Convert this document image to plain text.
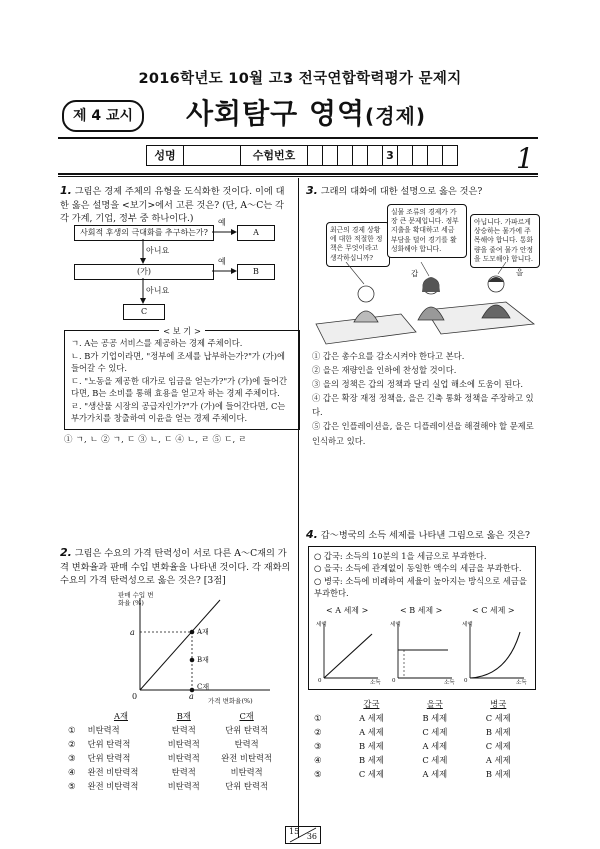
2016학년도 10월 고3 전국연합학력평가 문제지
제 4 교시	사회탐구 영역(경제)
성명	수험번호	3	1
1. 그림은 경제 주체의 유형을 도식화한 것이다. 이에 대한 옳은 설명을 <보기>에서 고른 것은? (단, A～C는 각각 가계, 기업, 정부 중 하나이다.)
사회적 후생의 극대화를 추구하는가?	A
(가)	B
C
예
아니요
예
아니요
< 보 기 >
ㄱ. A는 공공 서비스를 제공하는 경제 주체이다.
ㄴ. B가 기업이라면, "정부에 조세를 납부하는가?"가 (가)에 들어갈 수 있다.
ㄷ. "노동을 제공한 대가로 임금을 얻는가?"가 (가)에 들어간다면, B는 소비를 통해 효용을 얻고자 하는 경제 주체이다.
ㄹ. "생산물 시장의 공급자인가?"가 (가)에 들어간다면, C는 부가가치를 창출하여 이윤을 얻는 경제 주체이다.
① ㄱ, ㄴ ② ㄱ, ㄷ ③ ㄴ, ㄷ ④ ㄴ, ㄹ ⑤ ㄷ, ㄹ
2. 그림은 수요의 가격 탄력성이 서로 다른 A～C재의 가격 변화율과 판매 수입 변화율을 나타낸 것이다. 각 재화의 수요의 가격 탄력성으로 옳은 것은? [3점]
판매 수입 변화율 (%)
a
a
0
A재
B재
C재
가격 변화율(%)
	A재	B재	C재
①	비탄력적	탄력적	단위 탄력적
②	단위 탄력적	비탄력적	탄력적
③	단위 탄력적	비탄력적	완전 비탄력적
④	완전 비탄력적	탄력적	비탄력적
⑤	완전 비탄력적	비탄력적	단위 탄력적
3. 그래의 대화에 대한 설명으로 옳은 것은?
최근의 경제 상황에 대한 적절한 정책은 무엇이라고 생각하십니까?
실물 조류의 경제가 가장 큰 문제입니다. 정부 지출을 확대하고 세금 부담을 덜어 경기를 활성화해야 합니다.
아닙니다. 가파르게 상승하는 물가에 주목해야 합니다. 통화량을 줄여 물가 안정을 도모해야 합니다.
갑	을
① 갑은 총수요를 감소시켜야 한다고 본다.
② 을은 재량인을 인하에 찬성할 것이다.
③ 을의 정책은 갑의 정책과 달리 실업 해소에 도움이 된다.
④ 갑은 확장 재정 정책을, 을은 긴축 통화 정책을 주장하고 있다.
⑤ 갑은 인플레이션을, 을은 디플레이션을 해결해야 할 문제로 인식하고 있다.
4. 갑～병국의 소득 세제를 나타낸 그림으로 옳은 것은?
○ 갑국: 소득의 10분의 1을 세금으로 부과한다.
○ 을국: 소득에 관계없이 동일한 액수의 세금을 부과한다.
○ 병국: 소득에 비례하여 세율이 높아지는 방식으로 세금을 부과한다.
< A 세제 >	< B 세제 >	< C 세제 >
세액	세액	세액
소득	소득	소득
0	0	0
	갑국	을국	병국
①	A 세제	B 세제	C 세제
②	A 세제	C 세제	B 세제
③	B 세제	A 세제	C 세제
④	B 세제	C 세제	A 세제
⑤	C 세제	A 세제	B 세제
15
36
